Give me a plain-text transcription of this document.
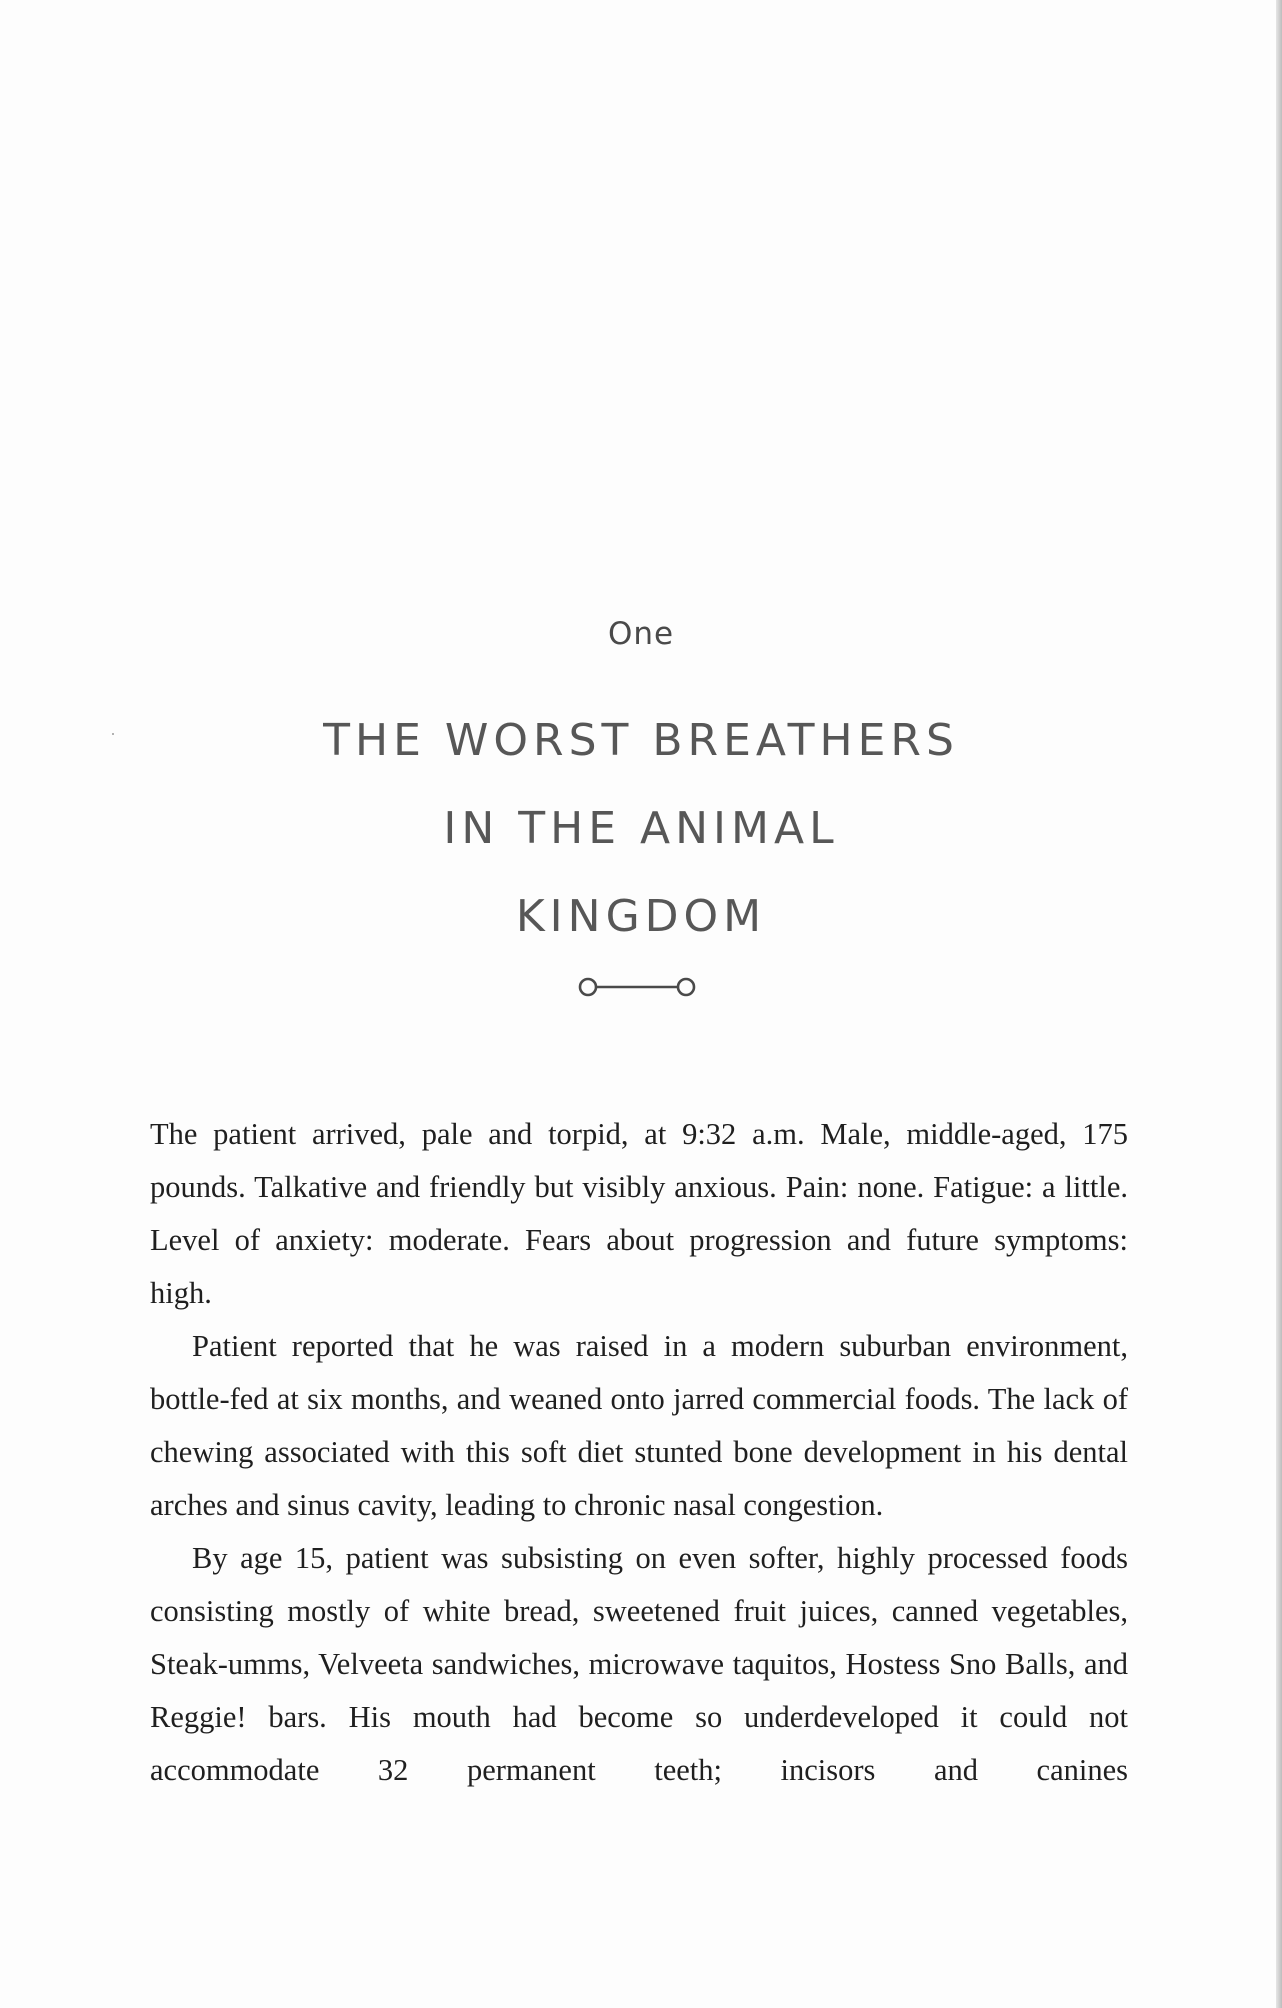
One
THE WORST BREATHERS
IN THE ANIMAL
KINGDOM

The patient arrived, pale and torpid, at 9:32 a.m. Male, middle-aged, 175 pounds. Talkative and friendly but visibly anxious. Pain: none. Fatigue: a little. Level of anxiety: moderate. Fears about progression and future symptoms: high.

Patient reported that he was raised in a modern suburban environment, bottle-fed at six months, and weaned onto jarred commercial foods. The lack of chewing associated with this soft diet stunted bone development in his dental arches and sinus cavity, leading to chronic nasal congestion.

By age 15, patient was subsisting on even softer, highly processed foods consisting mostly of white bread, sweetened fruit juices, canned vegetables, Steak-umms, Velveeta sandwiches, microwave taquitos, Hostess Sno Balls, and Reggie! bars. His mouth had become so underdeveloped it could not accommodate 32 permanent teeth; incisors and canines
